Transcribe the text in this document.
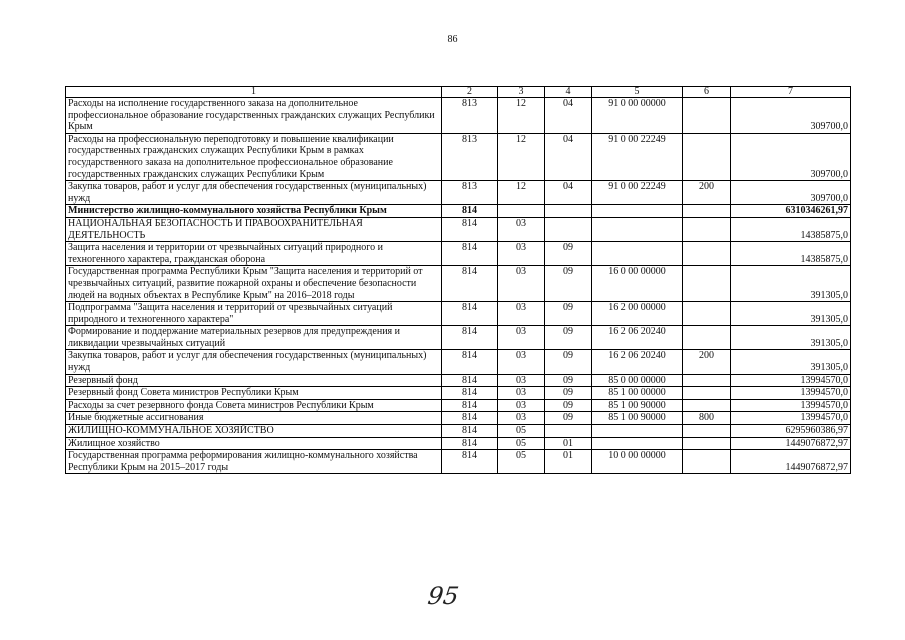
86
1	2	3	4	5	6	7
Расходы на исполнение государственного заказа на дополнительное профессиональное образование государственных гражданских служащих Республики Крым	813	12	04	91 0 00 00000		309700,0
Расходы на профессиональную переподготовку и повышение квалификации государственных гражданских служащих Республики Крым в рамках государственного заказа на дополнительное профессиональное образование государственных гражданских служащих Республики Крым	813	12	04	91 0 00 22249		309700,0
Закупка товаров, работ и услуг для обеспечения государственных (муниципальных) нужд	813	12	04	91 0 00 22249	200	309700,0
Министерство жилищно-коммунального хозяйства Республики Крым	814					6310346261,97
НАЦИОНАЛЬНАЯ БЕЗОПАСНОСТЬ И ПРАВООХРАНИТЕЛЬНАЯ ДЕЯТЕЛЬНОСТЬ	814	03				14385875,0
Защита населения и территории от чрезвычайных ситуаций природного и техногенного характера, гражданская оборона	814	03	09			14385875,0
Государственная программа Республики Крым "Защита населения и территорий от чрезвычайных ситуаций, развитие пожарной охраны и обеспечение безопасности людей на водных объектах в Республике Крым" на 2016–2018 годы	814	03	09	16 0 00 00000		391305,0
Подпрограмма "Защита населения и территорий от чрезвычайных ситуаций природного и техногенного характера"	814	03	09	16 2 00 00000		391305,0
Формирование и поддержание материальных резервов для предупреждения и ликвидации чрезвычайных ситуаций	814	03	09	16 2 06 20240		391305,0
Закупка товаров, работ и услуг для обеспечения государственных (муниципальных) нужд	814	03	09	16 2 06 20240	200	391305,0
Резервный фонд	814	03	09	85 0 00 00000		13994570,0
Резервный фонд Совета министров Республики Крым	814	03	09	85 1 00 00000		13994570,0
Расходы за счет резервного фонда Совета министров Республики Крым	814	03	09	85 1 00 90000		13994570,0
Иные бюджетные ассигнования	814	03	09	85 1 00 90000	800	13994570,0
ЖИЛИЩНО-КОММУНАЛЬНОЕ ХОЗЯЙСТВО	814	05				6295960386,97
Жилищное хозяйство	814	05	01			1449076872,97
Государственная программа реформирования жилищно-коммунального хозяйства Республики Крым на 2015–2017 годы	814	05	01	10 0 00 00000		1449076872,97
95
